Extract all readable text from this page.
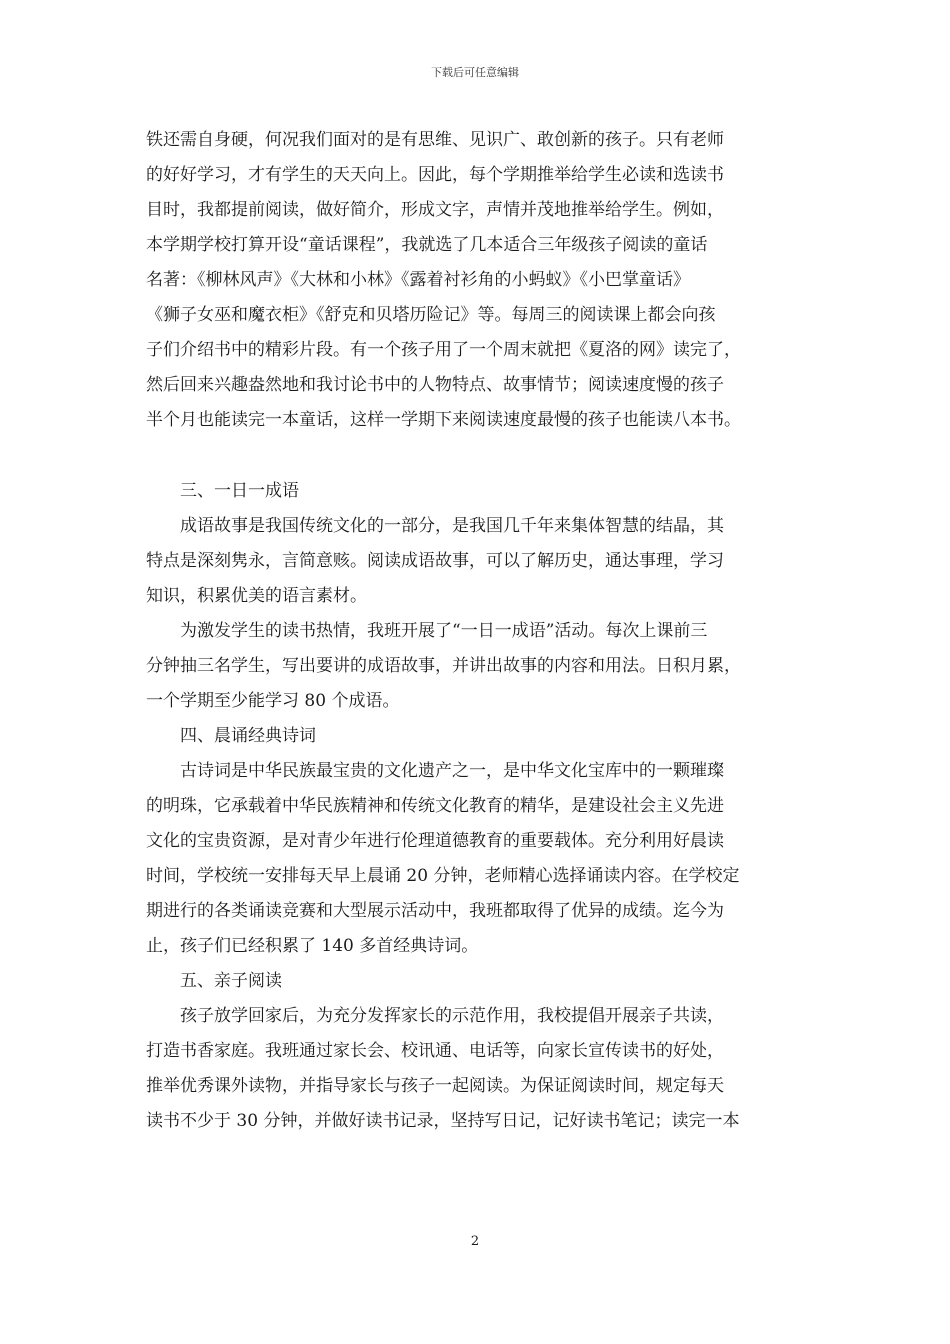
下载后可任意编辑
铁还需自身硬，何况我们面对的是有思维、见识广、敢创新的孩子。只有老师
的好好学习，才有学生的天天向上。因此，每个学期推举给学生必读和选读书
目时，我都提前阅读，做好简介，形成文字，声情并茂地推举给学生。例如，
本学期学校打算开设“童话课程”，我就选了几本适合三年级孩子阅读的童话
名著：《柳林风声》《大林和小林》《露着衬衫角的小蚂蚁》《小巴掌童话》
《狮子女巫和魔衣柜》《舒克和贝塔历险记》等。每周三的阅读课上都会向孩
子们介绍书中的精彩片段。有一个孩子用了一个周末就把《夏洛的网》读完了，
然后回来兴趣盎然地和我讨论书中的人物特点、故事情节；阅读速度慢的孩子
半个月也能读完一本童话，这样一学期下来阅读速度最慢的孩子也能读八本书。
三、一日一成语
成语故事是我国传统文化的一部分，是我国几千年来集体智慧的结晶，其
特点是深刻隽永，言简意赅。阅读成语故事，可以了解历史，通达事理，学习
知识，积累优美的语言素材。
为激发学生的读书热情，我班开展了“一日一成语”活动。每次上课前三
分钟抽三名学生，写出要讲的成语故事，并讲出故事的内容和用法。日积月累，
一个学期至少能学习 80 个成语。
四、晨诵经典诗词
古诗词是中华民族最宝贵的文化遗产之一，是中华文化宝库中的一颗璀璨
的明珠，它承载着中华民族精神和传统文化教育的精华，是建设社会主义先进
文化的宝贵资源，是对青少年进行伦理道德教育的重要载体。充分利用好晨读
时间，学校统一安排每天早上晨诵 20 分钟，老师精心选择诵读内容。在学校定
期进行的各类诵读竞赛和大型展示活动中，我班都取得了优异的成绩。迄今为
止，孩子们已经积累了 140 多首经典诗词。
五、亲子阅读
孩子放学回家后，为充分发挥家长的示范作用，我校提倡开展亲子共读，
打造书香家庭。我班通过家长会、校讯通、电话等，向家长宣传读书的好处，
推举优秀课外读物，并指导家长与孩子一起阅读。为保证阅读时间，规定每天
读书不少于 30 分钟，并做好读书记录，坚持写日记，记好读书笔记；读完一本
2
